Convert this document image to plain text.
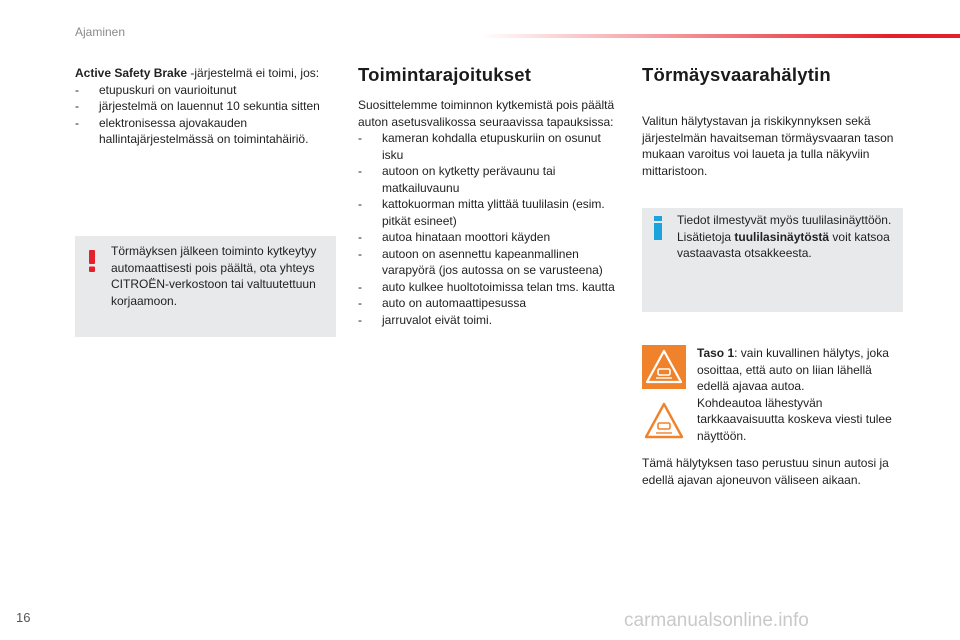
Ajaminen

Active Safety Brake -järjestelmä ei toimi, jos:

- etupuskuri on vaurioitunut
- järjestelmä on lauennut 10 sekuntia sitten
- elektronisessa ajovakauden hallintajärjestelmässä on toimintahäiriö.
Törmäyksen jälkeen toiminto kytkeytyy automaattisesti pois päältä, ota yhteys CITROËN-verkostoon tai valtuutettuun korjaamoon.
Toimintarajoitukset

Suosittelemme toiminnon kytkemistä pois päältä auton asetusvalikossa seuraavissa tapauksissa:

- kameran kohdalla etupuskuriin on osunut isku
- autoon on kytketty perävaunu tai matkailuvaunu
- kattokuorman mitta ylittää tuulilasin (esim. pitkät esineet)
- autoa hinataan moottori käyden
- autoon on asennettu kapeanmallinen varapyörä (jos autossa on se varusteena)
- auto kulkee huoltotoimissa telan tms. kautta
- auto on automaattipesussa
- jarruvalot eivät toimi.
Törmäysvaarahälytin

Valitun hälytystavan ja riskikynnyksen sekä järjestelmän havaitseman törmäysvaaran tason mukaan varoitus voi laueta ja tulla näkyviin mittaristoon.

Tiedot ilmestyvät myös tuulilasinäyttöön.
Lisätietoja tuulilasinäytöstä voit katsoa vastaavasta otsakkeesta.

Taso 1: vain kuvallinen hälytys, joka osoittaa, että auto on liian lähellä edellä ajavaa autoa.

Kohdeautoa lähestyvän tarkkaavaisuutta koskeva viesti tulee näyttöön.

Tämä hälytyksen taso perustuu sinun autosi ja edellä ajavan ajoneuvon väliseen aikaan.

16	carmanualsonline.info
